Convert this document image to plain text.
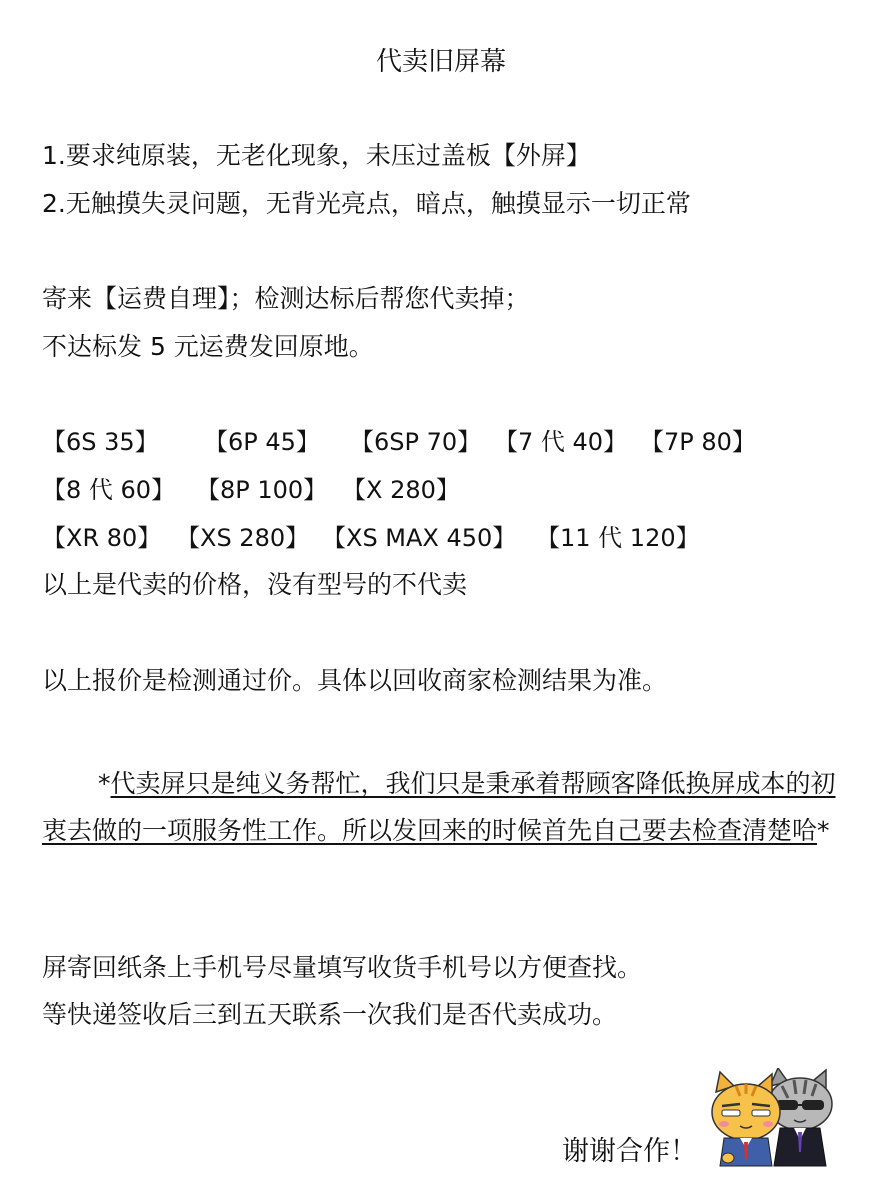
代卖旧屏幕
1.要求纯原装，无老化现象，未压过盖板【外屏】
2.无触摸失灵问题，无背光亮点，暗点，触摸显示一切正常
寄来【运费自理】；检测达标后帮您代卖掉；
不达标发 5 元运费发回原地。
【6S 35】 【6P 45】 【6SP 70】 【7 代 40】 【7P 80】
【8 代 60】 【8P 100】 【X 280】
【XR 80】 【XS 280】 【XS MAX 450】 【11 代 120】
以上是代卖的价格，没有型号的不代卖
以上报价是检测通过价。具体以回收商家检测结果为准。
*代卖屏只是纯义务帮忙，我们只是秉承着帮顾客降低换屏成本的初衷去做的一项服务性工作。所以发回来的时候首先自己要去检查清楚哈*
屏寄回纸条上手机号尽量填写收货手机号以方便查找。
等快递签收后三到五天联系一次我们是否代卖成功。
谢谢合作！
